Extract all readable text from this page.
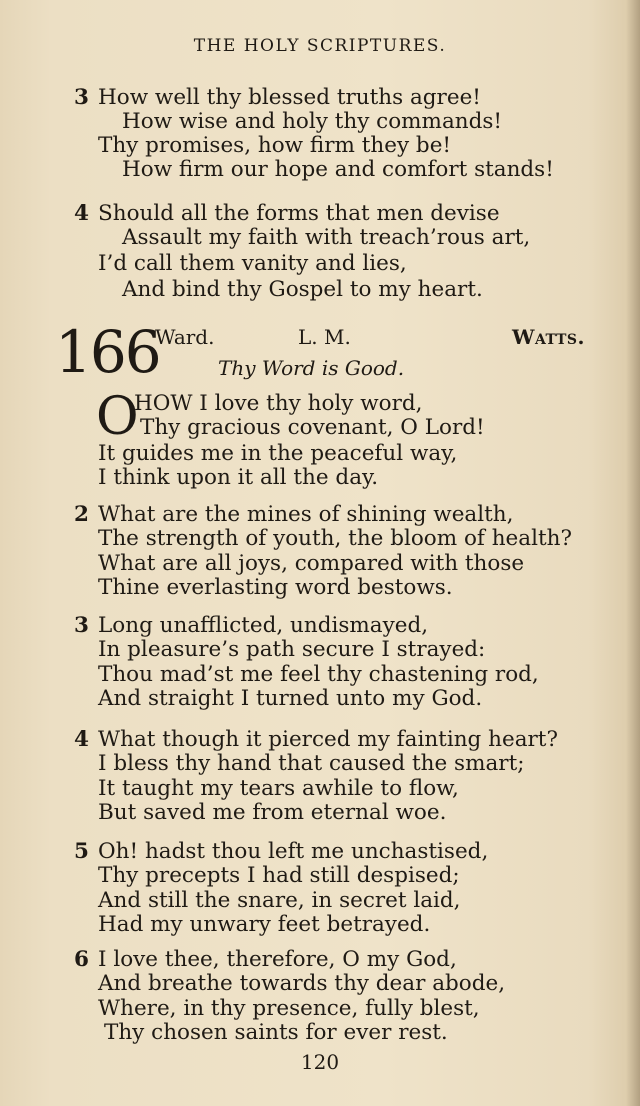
THE HOLY SCRIPTURES.
3 How well thy blessed truths agree!
How wise and holy thy commands!
Thy promises, how firm they be!
How firm our hope and comfort stands!
4 Should all the forms that men devise
Assault my faith with treach’rous art,
I’d call them vanity and lies,
And bind thy Gospel to my heart.
166
Ward.	L. M.	Watts.
Thy Word is Good.
O
HOW I love thy holy word,
Thy gracious covenant, O Lord!
It guides me in the peaceful way,
I think upon it all the day.
2 What are the mines of shining wealth,
The strength of youth, the bloom of health?
What are all joys, compared with those
Thine everlasting word bestows.
3 Long unafflicted, undismayed,
In pleasure’s path secure I strayed:
Thou mad’st me feel thy chastening rod,
And straight I turned unto my God.
4 What though it pierced my fainting heart?
I bless thy hand that caused the smart;
It taught my tears awhile to flow,
But saved me from eternal woe.
5 Oh! hadst thou left me unchastised,
Thy precepts I had still despised;
And still the snare, in secret laid,
Had my unwary feet betrayed.
6 I love thee, therefore, O my God,
And breathe towards thy dear abode,
Where, in thy presence, fully blest,
Thy chosen saints for ever rest.
120
